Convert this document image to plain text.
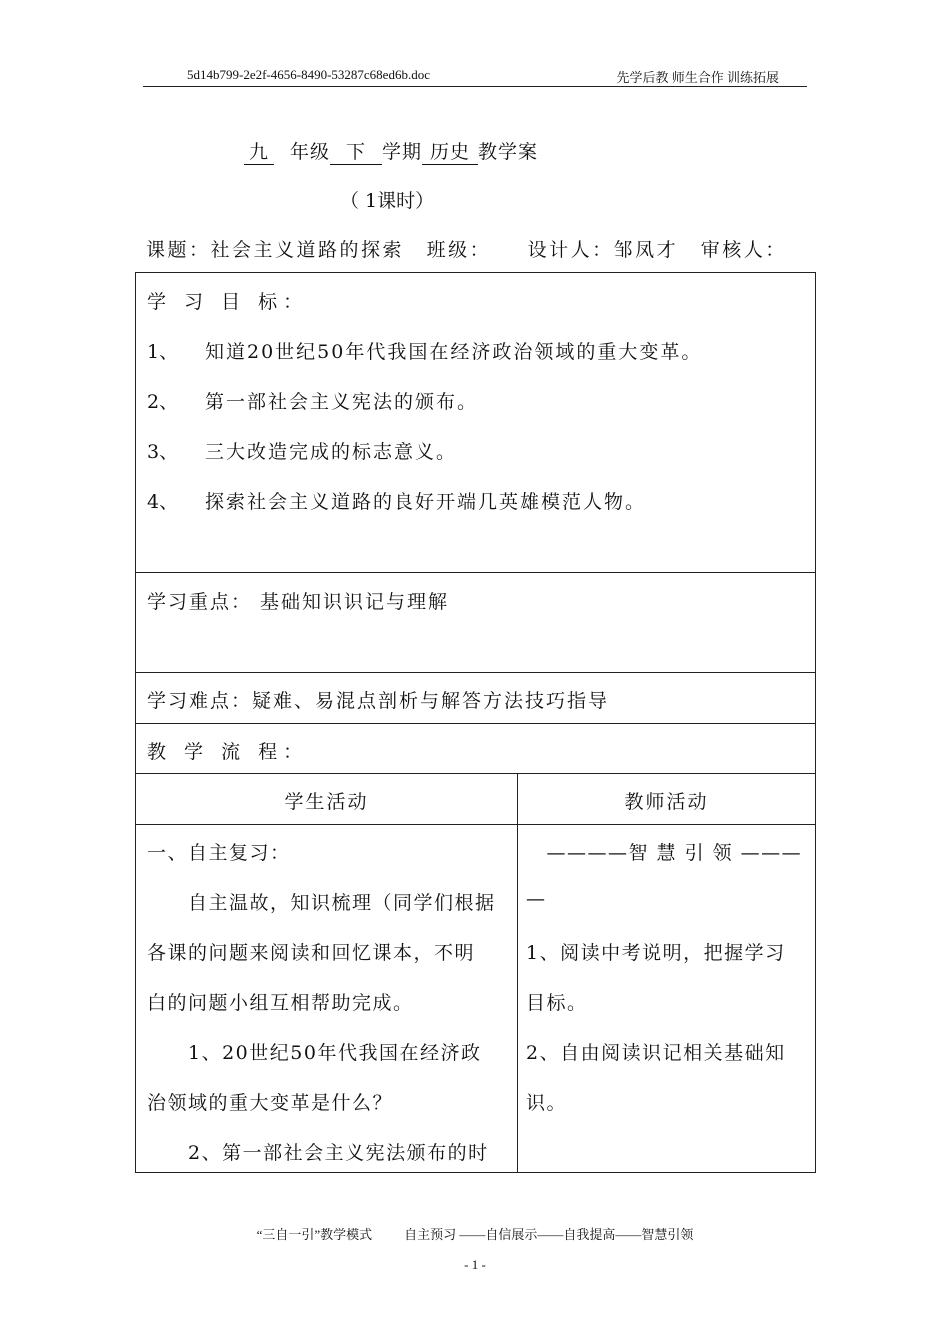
5d14b799-2e2f-4656-8490-53287c68ed6b.doc	先学后教 师生合作 训练拓展
九 年级 下 学期 历史 教学案
（ 1课时）
课题：社会主义道路的探索 班级： 设计人：邹凤才 审核人：
学 习 目 标：
1、 知道20世纪50年代我国在经济政治领域的重大变革。
2、 第一部社会主义宪法的颁布。
3、 三大改造完成的标志意义。
4、 探索社会主义道路的良好开端几英雄模范人物。
学习重点： 基础知识识记与理解
学习难点：疑难、易混点剖析与解答方法技巧指导
教 学 流 程：
学生活动	教师活动
一、自主复习：
　　自主温故，知识梳理（同学们根据
各课的问题来阅读和回忆课本，不明
白的问题小组互相帮助完成。
　　1、20世纪50年代我国在经济政
治领域的重大变革是什么？
　　2、第一部社会主义宪法颁布的时
　————智 慧 引 领 ———
—
1、阅读中考说明，把握学习
目标。
2、自由阅读识记相关基础知
识。
“三自一引”教学模式 自主预习 ——自信展示——自我提高——智慧引领
- 1 -
